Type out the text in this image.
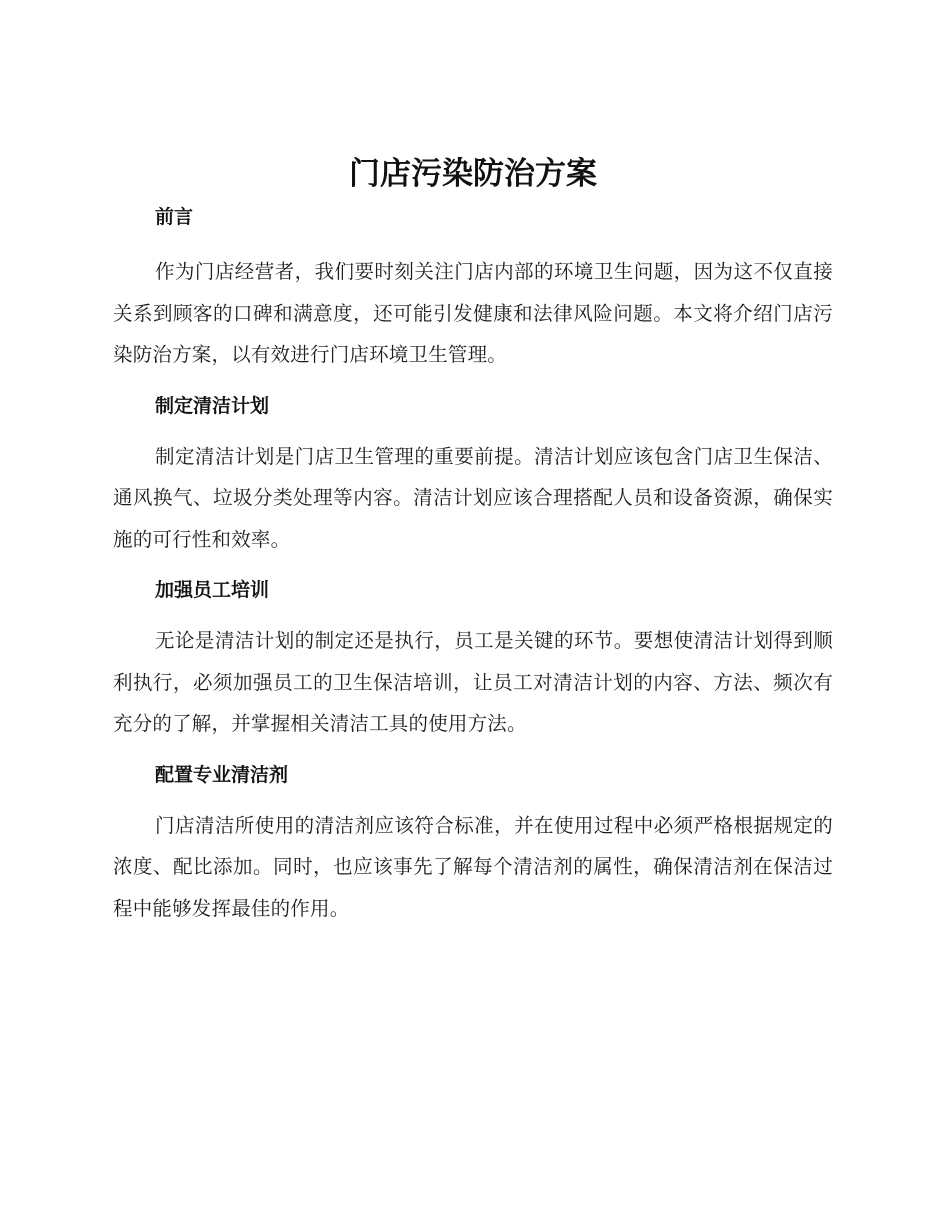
门店污染防治方案
前言

作为门店经营者，我们要时刻关注门店内部的环境卫生问题，因为这不仅直接关系到顾客的口碑和满意度，还可能引发健康和法律风险问题。本文将介绍门店污染防治方案，以有效进行门店环境卫生管理。

制定清洁计划

制定清洁计划是门店卫生管理的重要前提。清洁计划应该包含门店卫生保洁、通风换气、垃圾分类处理等内容。清洁计划应该合理搭配人员和设备资源，确保实施的可行性和效率。

加强员工培训

无论是清洁计划的制定还是执行，员工是关键的环节。要想使清洁计划得到顺利执行，必须加强员工的卫生保洁培训，让员工对清洁计划的内容、方法、频次有充分的了解，并掌握相关清洁工具的使用方法。

配置专业清洁剂

门店清洁所使用的清洁剂应该符合标准，并在使用过程中必须严格根据规定的浓度、配比添加。同时，也应该事先了解每个清洁剂的属性，确保清洁剂在保洁过程中能够发挥最佳的作用。
